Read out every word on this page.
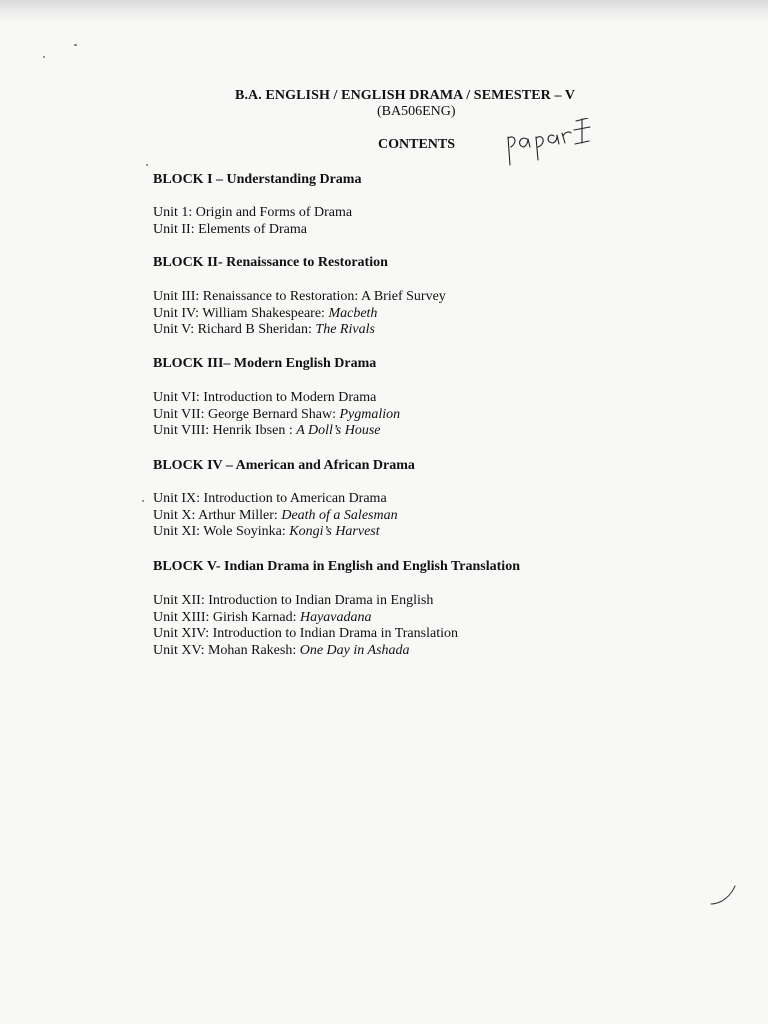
B.A. ENGLISH / ENGLISH DRAMA / SEMESTER – V
(BA506ENG)
CONTENTS
BLOCK I – Understanding Drama
Unit 1: Origin and Forms of Drama
Unit II: Elements of Drama
BLOCK II- Renaissance to Restoration
Unit III: Renaissance to Restoration: A Brief Survey
Unit IV: William Shakespeare: Macbeth
Unit V: Richard B Sheridan: The Rivals
BLOCK III– Modern English Drama
Unit VI: Introduction to Modern Drama
Unit VII: George Bernard Shaw: Pygmalion
Unit VIII: Henrik Ibsen : A Doll’s House
BLOCK IV – American and African Drama
Unit IX: Introduction to American Drama
Unit X: Arthur Miller: Death of a Salesman
Unit XI: Wole Soyinka: Kongi’s Harvest
BLOCK V- Indian Drama in English and English Translation
Unit XII: Introduction to Indian Drama in English
Unit XIII: Girish Karnad: Hayavadana
Unit XIV: Introduction to Indian Drama in Translation
Unit XV: Mohan Rakesh: One Day in Ashada
